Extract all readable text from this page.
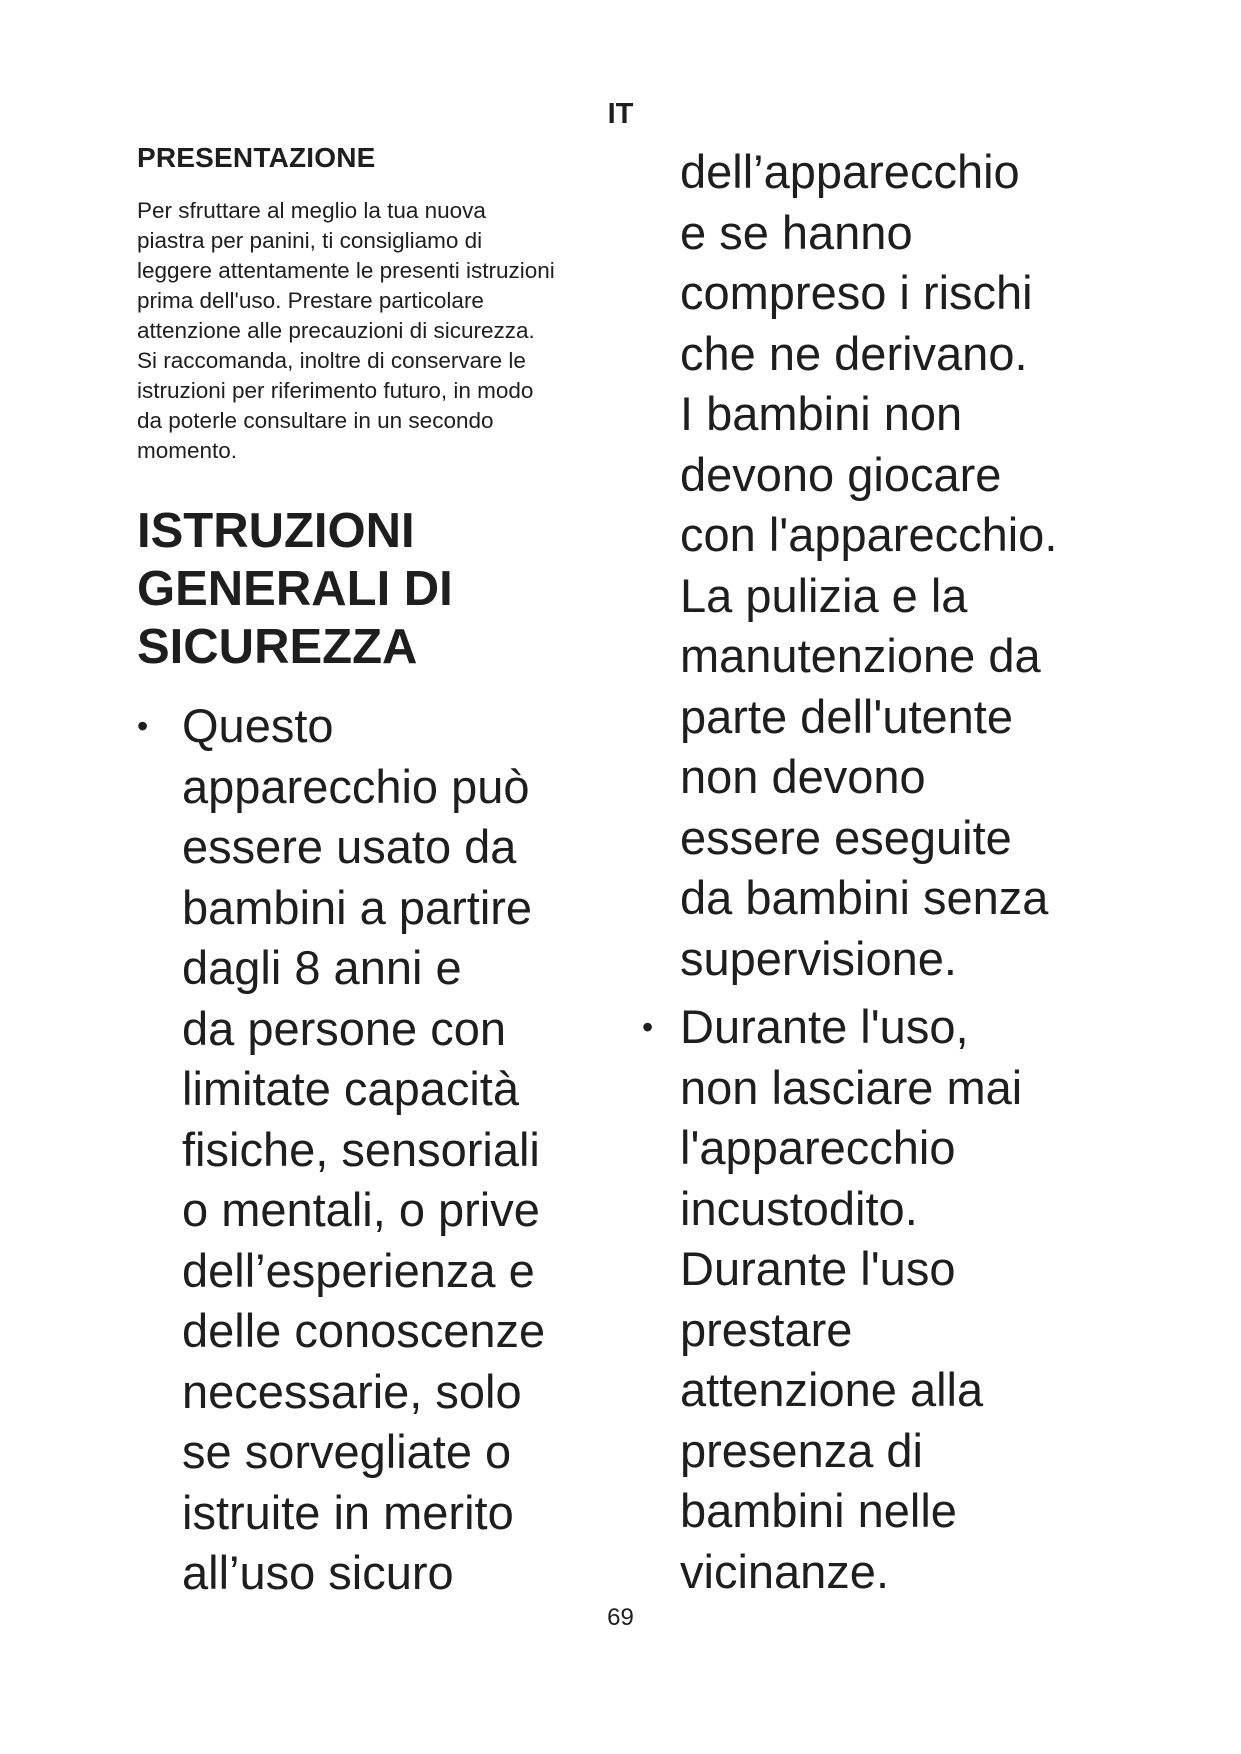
IT
PRESENTAZIONE

Per sfruttare al meglio la tua nuova
piastra per panini, ti consigliamo di
leggere attentamente le presenti istruzioni
prima dell'uso. Prestare particolare
attenzione alle precauzioni di sicurezza.
Si raccomanda, inoltre di conservare le
istruzioni per riferimento futuro, in modo
da poterle consultare in un secondo
momento.

ISTRUZIONI
GENERALI DI
SICUREZZA
• Questo
apparecchio può
essere usato da
bambini a partire
dagli 8 anni e
da persone con
limitate capacità
fisiche, sensoriali
o mentali, o prive
dell’esperienza e
delle conoscenze
necessarie, solo
se sorvegliate o
istruite in merito
all’uso sicuro
dell’apparecchio
e se hanno
compreso i rischi
che ne derivano.
I bambini non
devono giocare
con l'apparecchio.
La pulizia e la
manutenzione da
parte dell'utente
non devono
essere eseguite
da bambini senza
supervisione.
• Durante l'uso,
non lasciare mai
l'apparecchio
incustodito.
Durante l'uso
prestare
attenzione alla
presenza di
bambini nelle
vicinanze.
69
